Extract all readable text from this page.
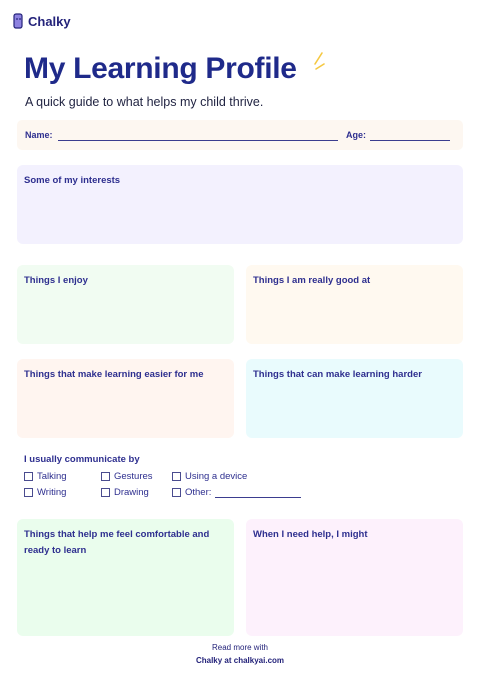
Chalky
My Learning Profile
A quick guide to what helps my child thrive.
Name:	Age:
Some of my interests
Things I enjoy	Things I am really good at
Things that make learning easier for me	Things that can make learning harder
I usually communicate by
Talking	Gestures	Using a device
Writing	Drawing	Other:
Things that help me feel comfortable and ready to learn
When I need help, I might
Read more with
Chalky at chalkyai.com
